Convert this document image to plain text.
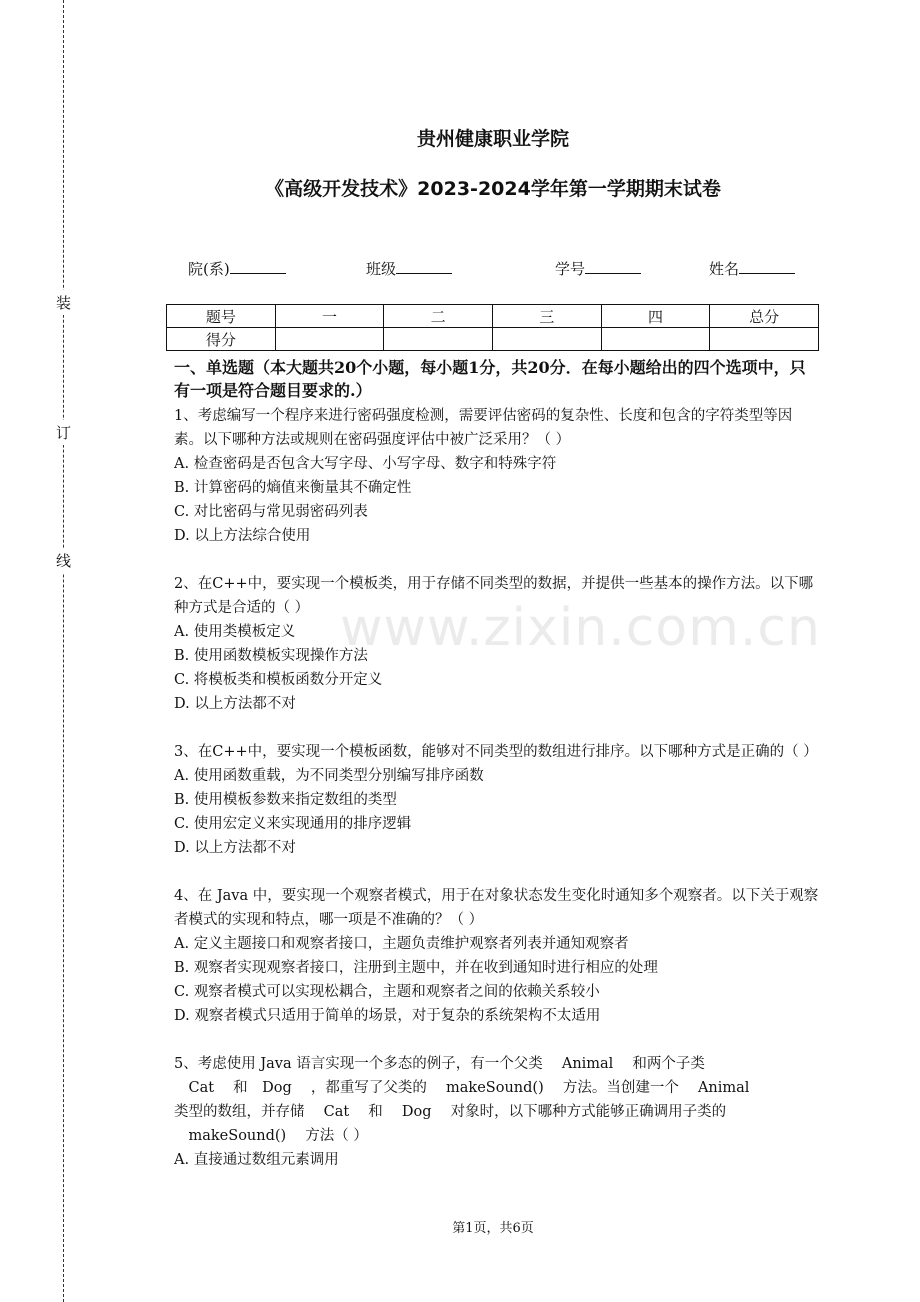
装
订
线
www.zixin.com.cn
贵州健康职业学院
《高级开发技术》2023-2024学年第一学期期末试卷
院(系)	班级	学号	姓名
题号	一	二	三	四	总分
得分					
一、单选题（本大题共20个小题，每小题1分，共20分．在每小题给出的四个选项中，只有一项是符合题目要求的.）

1、考虑编写一个程序来进行密码强度检测，需要评估密码的复杂性、长度和包含的字符类型等因素。以下哪种方法或规则在密码强度评估中被广泛采用？（ ）

A. 检查密码是否包含大写字母、小写字母、数字和特殊字符

B. 计算密码的熵值来衡量其不确定性

C. 对比密码与常见弱密码列表

D. 以上方法综合使用

2、在C++中，要实现一个模板类，用于存储不同类型的数据，并提供一些基本的操作方法。以下哪种方式是合适的（ ）

A. 使用类模板定义

B. 使用函数模板实现操作方法

C. 将模板类和模板函数分开定义

D. 以上方法都不对

3、在C++中，要实现一个模板函数，能够对不同类型的数组进行排序。以下哪种方式是正确的（ ）

A. 使用函数重载，为不同类型分别编写排序函数

B. 使用模板参数来指定数组的类型

C. 使用宏定义来实现通用的排序逻辑

D. 以上方法都不对

4、在 Java 中，要实现一个观察者模式，用于在对象状态发生变化时通知多个观察者。以下关于观察者模式的实现和特点，哪一项是不准确的？（ ）

A. 定义主题接口和观察者接口，主题负责维护观察者列表并通知观察者

B. 观察者实现观察者接口，注册到主题中，并在收到通知时进行相应的处理

C. 观察者模式可以实现松耦合，主题和观察者之间的依赖关系较小

D. 观察者模式只适用于简单的场景，对于复杂的系统架构不太适用

5、考虑使用 Java 语言实现一个多态的例子，有一个父类　 Animal 　和两个子类

　Cat 　和　Dog 　，都重写了父类的　 makeSound() 　方法。当创建一个　 Animal

类型的数组，并存储　 Cat 　和　 Dog 　对象时，以下哪种方式能够正确调用子类的

　makeSound() 　方法（ ）

A. 直接通过数组元素调用

第1页，共6页
